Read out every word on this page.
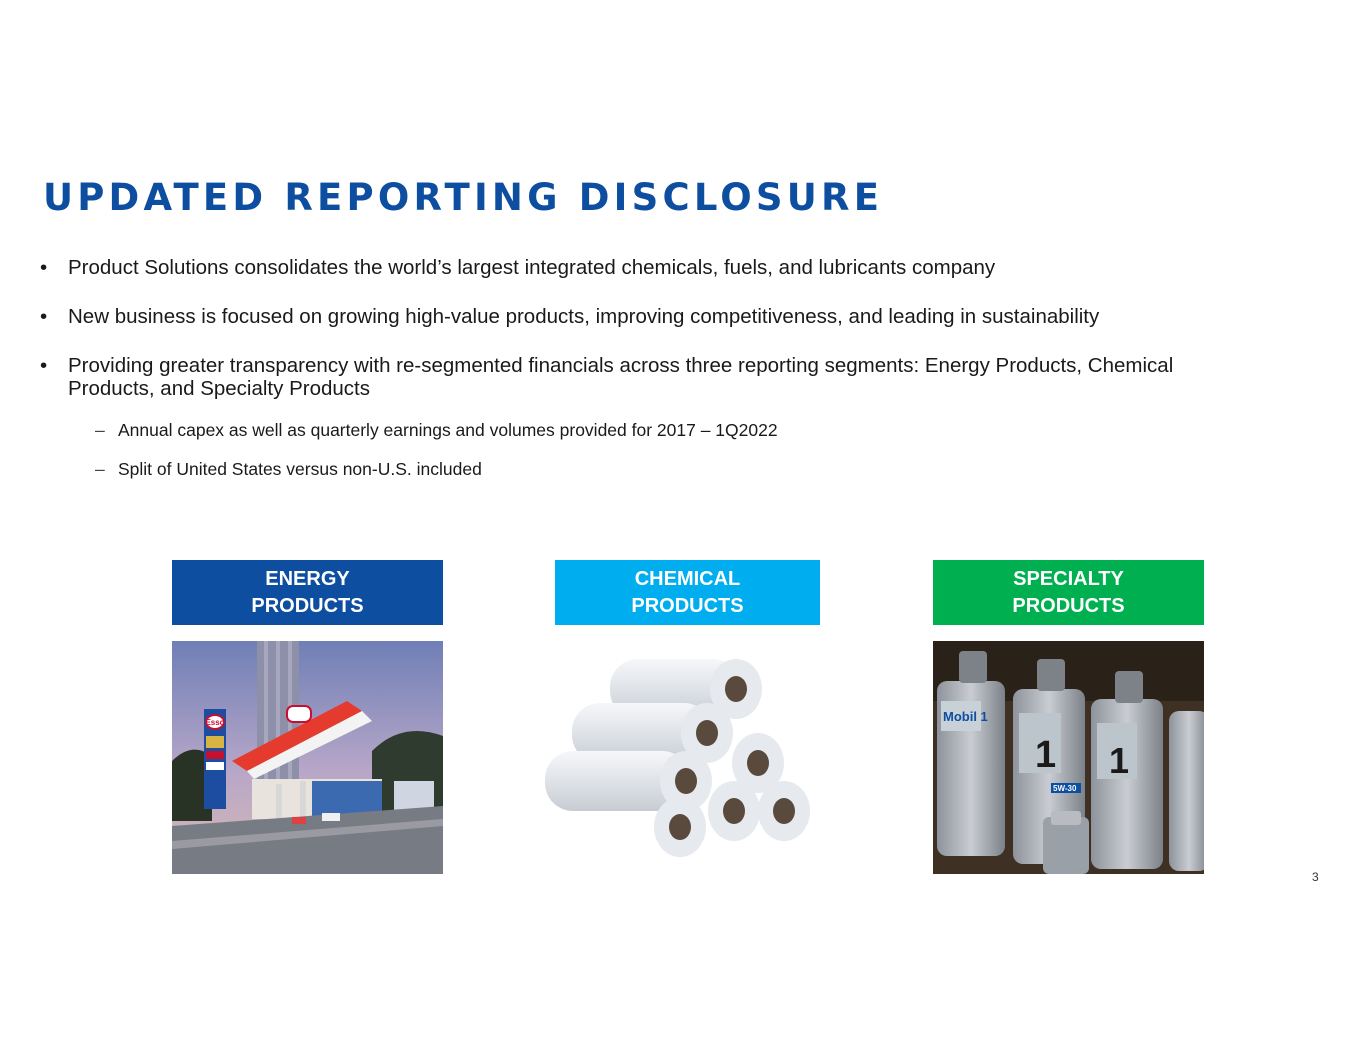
UPDATED REPORTING DISCLOSURE
•	Product Solutions consolidates the world’s largest integrated chemicals, fuels, and lubricants company
•	New business is focused on growing high-value products, improving competitiveness, and leading in sustainability
•	Providing greater transparency with re-segmented financials across three reporting segments: Energy Products, Chemical
Products, and Specialty Products
– Annual capex as well as quarterly earnings and volumes provided for 2017 – 1Q2022
– Split of United States versus non-U.S. included
ENERGY
PRODUCTS
CHEMICAL
PRODUCTS
SPECIALTY
PRODUCTS
Esso	Mobil 1
1
5W-30
1
3
